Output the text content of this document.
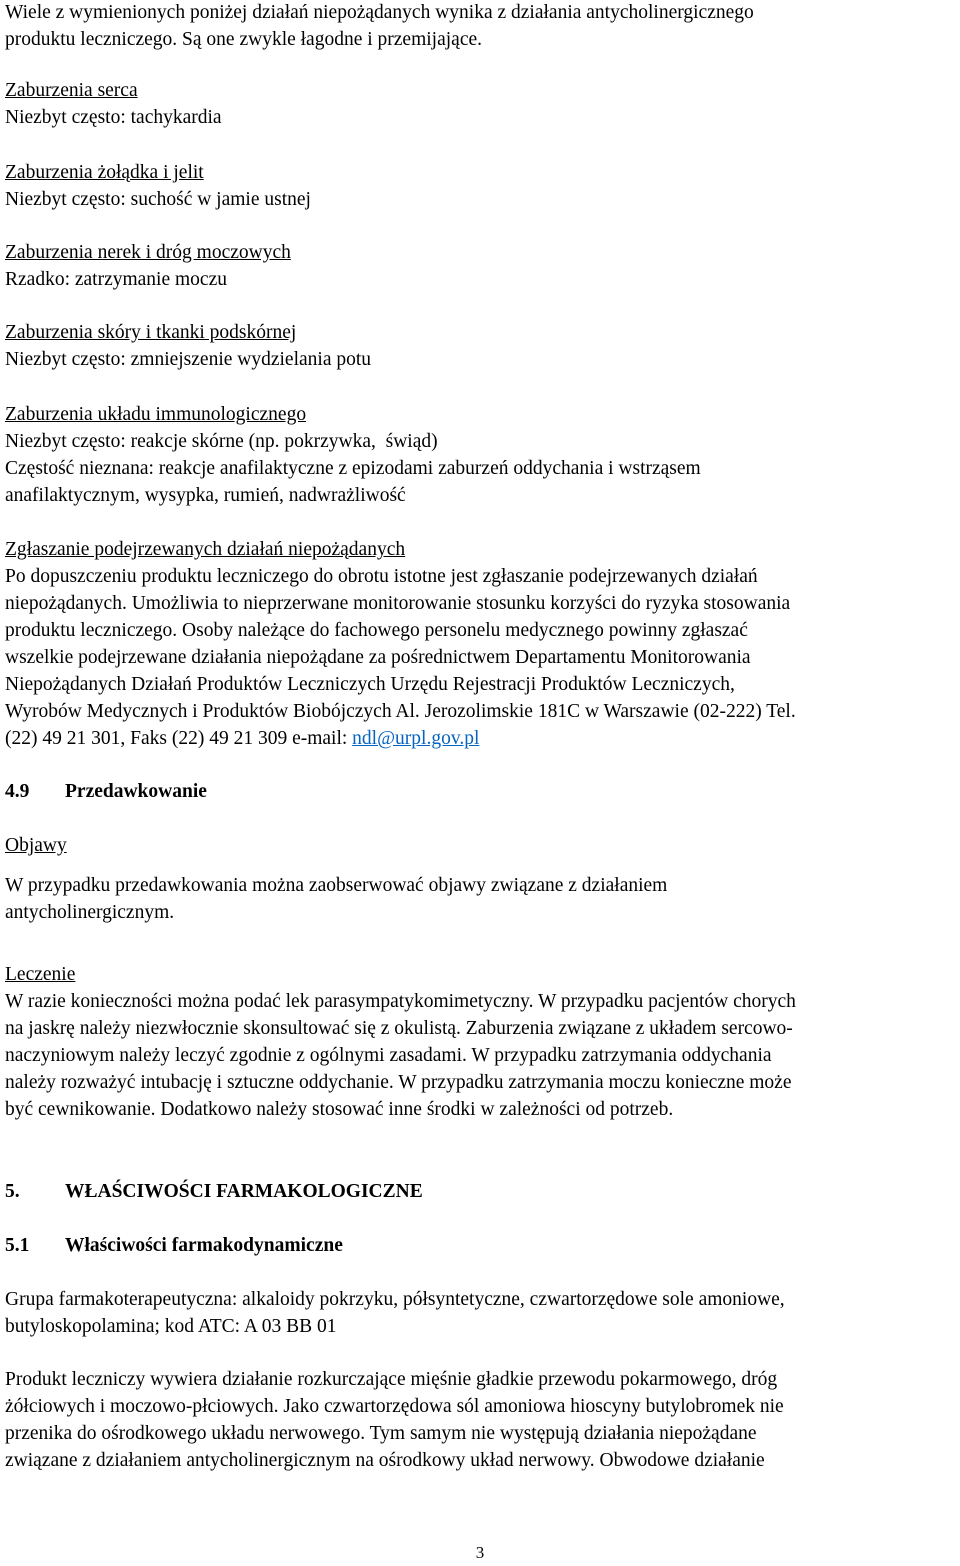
Wiele z wymienionych poniżej działań niepożądanych wynika z działania antycholinergicznego

produktu leczniczego. Są one zwykle łagodne i przemijające.

Zaburzenia serca

Niezbyt często: tachykardia

Zaburzenia żołądka i jelit

Niezbyt często: suchość w jamie ustnej

Zaburzenia nerek i dróg moczowych

Rzadko: zatrzymanie moczu

Zaburzenia skóry i tkanki podskórnej

Niezbyt często: zmniejszenie wydzielania potu

Zaburzenia układu immunologicznego

Niezbyt często: reakcje skórne (np. pokrzywka,  świąd)

Częstość nieznana: reakcje anafilaktyczne z epizodami zaburzeń oddychania i wstrząsem

anafilaktycznym, wysypka, rumień, nadwrażliwość

Zgłaszanie podejrzewanych działań niepożądanych

Po dopuszczeniu produktu leczniczego do obrotu istotne jest zgłaszanie podejrzewanych działań

niepożądanych. Umożliwia to nieprzerwane monitorowanie stosunku korzyści do ryzyka stosowania

produktu leczniczego. Osoby należące do fachowego personelu medycznego powinny zgłaszać

wszelkie podejrzewane działania niepożądane za pośrednictwem Departamentu Monitorowania

Niepożądanych Działań Produktów Leczniczych Urzędu Rejestracji Produktów Leczniczych,

Wyrobów Medycznych i Produktów Biobójczych Al. Jerozolimskie 181C w Warszawie (02-222) Tel.

(22) 49 21 301, Faks (22) 49 21 309 e-mail: ndl@urpl.gov.pl

4.9 Przedawkowanie

Objawy

W przypadku przedawkowania można zaobserwować objawy związane z działaniem

antycholinergicznym.

Leczenie

W razie konieczności można podać lek parasympatykomimetyczny. W przypadku pacjentów chorych

na jaskrę należy niezwłocznie skonsultować się z okulistą. Zaburzenia związane z układem sercowo-

naczyniowym należy leczyć zgodnie z ogólnymi zasadami. W przypadku zatrzymania oddychania

należy rozważyć intubację i sztuczne oddychanie. W przypadku zatrzymania moczu konieczne może

być cewnikowanie. Dodatkowo należy stosować inne środki w zależności od potrzeb.

5. WŁAŚCIWOŚCI FARMAKOLOGICZNE

5.1 Właściwości farmakodynamiczne

Grupa farmakoterapeutyczna: alkaloidy pokrzyku, półsyntetyczne, czwartorzędowe sole amoniowe,

butyloskopolamina; kod ATC: A 03 BB 01

Produkt leczniczy wywiera działanie rozkurczające mięśnie gładkie przewodu pokarmowego, dróg

żółciowych i moczowo-płciowych. Jako czwartorzędowa sól amoniowa hioscyny butylobromek nie

przenika do ośrodkowego układu nerwowego. Tym samym nie występują działania niepożądane

związane z działaniem antycholinergicznym na ośrodkowy układ nerwowy. Obwodowe działanie

3
